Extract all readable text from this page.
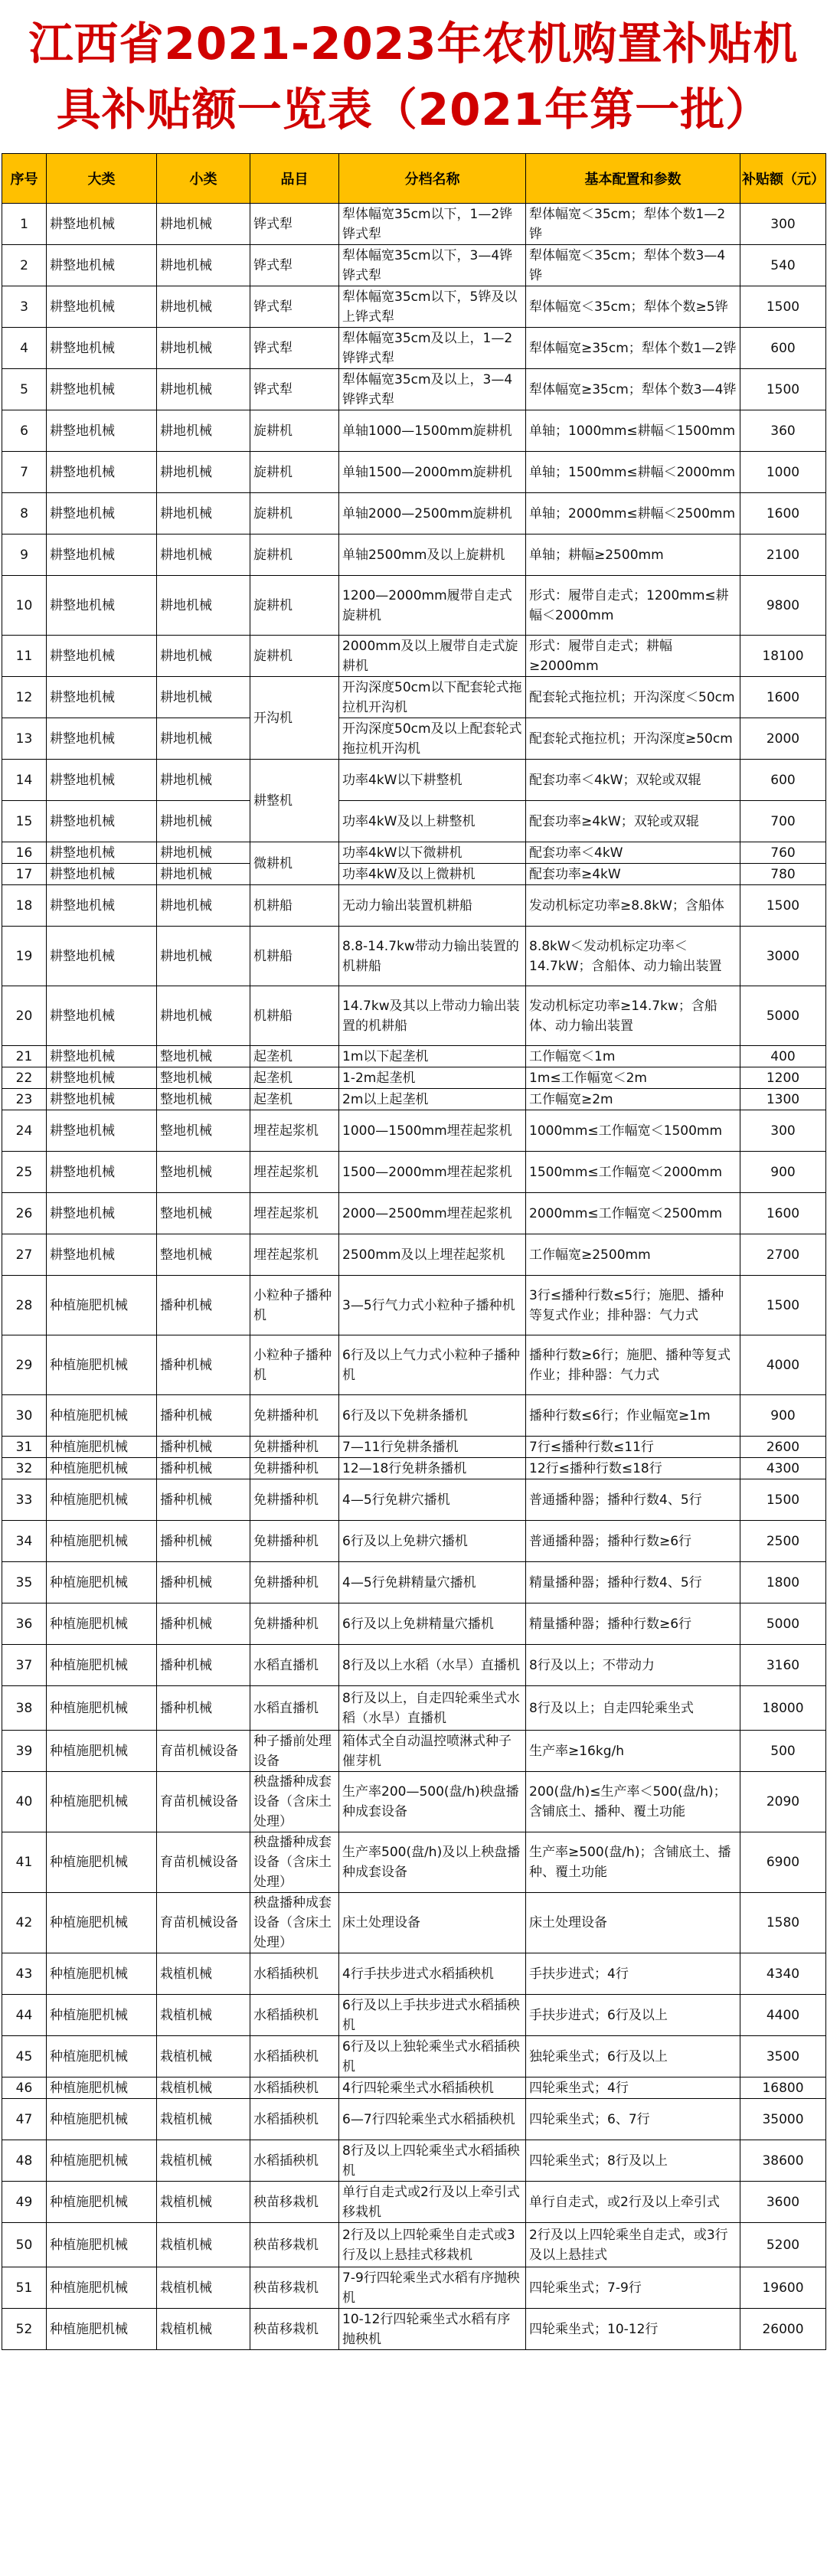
江西省2021-2023年农机购置补贴机
具补贴额一览表（2021年第一批）
序号	大类	小类	品目	分档名称	基本配置和参数	补贴额（元）
1	耕整地机械	耕地机械	铧式犁	犁体幅宽35cm以下，1—2铧铧式犁	犁体幅宽＜35cm；犁体个数1—2铧	300
2	耕整地机械	耕地机械	铧式犁	犁体幅宽35cm以下，3—4铧铧式犁	犁体幅宽＜35cm；犁体个数3—4铧	540
3	耕整地机械	耕地机械	铧式犁	犁体幅宽35cm以下，5铧及以上铧式犁	犁体幅宽＜35cm；犁体个数≥5铧	1500
4	耕整地机械	耕地机械	铧式犁	犁体幅宽35cm及以上，1—2铧铧式犁	犁体幅宽≥35cm；犁体个数1—2铧	600
5	耕整地机械	耕地机械	铧式犁	犁体幅宽35cm及以上，3—4铧铧式犁	犁体幅宽≥35cm；犁体个数3—4铧	1500
6	耕整地机械	耕地机械	旋耕机	单轴1000—1500mm旋耕机	单轴；1000mm≤耕幅＜1500mm	360
7	耕整地机械	耕地机械	旋耕机	单轴1500—2000mm旋耕机	单轴；1500mm≤耕幅＜2000mm	1000
8	耕整地机械	耕地机械	旋耕机	单轴2000—2500mm旋耕机	单轴；2000mm≤耕幅＜2500mm	1600
9	耕整地机械	耕地机械	旋耕机	单轴2500mm及以上旋耕机	单轴；耕幅≥2500mm	2100
10	耕整地机械	耕地机械	旋耕机	1200—2000mm履带自走式旋耕机	形式：履带自走式；1200mm≤耕幅＜2000mm	9800
11	耕整地机械	耕地机械	旋耕机	2000mm及以上履带自走式旋耕机	形式：履带自走式；耕幅≥2000mm	18100
12	耕整地机械	耕地机械	开沟机	开沟深度50cm以下配套轮式拖拉机开沟机	配套轮式拖拉机；开沟深度＜50cm	1600
13	耕整地机械	耕地机械		开沟深度50cm及以上配套轮式拖拉机开沟机	配套轮式拖拉机；开沟深度≥50cm	2000
14	耕整地机械	耕地机械	耕整机	功率4kW以下耕整机	配套功率＜4kW；双轮或双辊	600
15	耕整地机械	耕地机械		功率4kW及以上耕整机	配套功率≥4kW；双轮或双辊	700
16	耕整地机械	耕地机械	微耕机	功率4kW以下微耕机	配套功率＜4kW	760
17	耕整地机械	耕地机械		功率4kW及以上微耕机	配套功率≥4kW	780
18	耕整地机械	耕地机械	机耕船	无动力输出装置机耕船	发动机标定功率≥8.8kW；含船体	1500
19	耕整地机械	耕地机械	机耕船	8.8-14.7kw带动力输出装置的机耕船	8.8kW＜发动机标定功率＜14.7kW；含船体、动力输出装置	3000
20	耕整地机械	耕地机械	机耕船	14.7kw及其以上带动力输出装置的机耕船	发动机标定功率≥14.7kw；含船体、动力输出装置	5000
21	耕整地机械	整地机械	起垄机	1m以下起垄机	工作幅宽＜1m	400
22	耕整地机械	整地机械	起垄机	1-2m起垄机	1m≤工作幅宽＜2m	1200
23	耕整地机械	整地机械	起垄机	2m以上起垄机	工作幅宽≥2m	1300
24	耕整地机械	整地机械	埋茬起浆机	1000—1500mm埋茬起浆机	1000mm≤工作幅宽＜1500mm	300
25	耕整地机械	整地机械	埋茬起浆机	1500—2000mm埋茬起浆机	1500mm≤工作幅宽＜2000mm	900
26	耕整地机械	整地机械	埋茬起浆机	2000—2500mm埋茬起浆机	2000mm≤工作幅宽＜2500mm	1600
27	耕整地机械	整地机械	埋茬起浆机	2500mm及以上埋茬起浆机	工作幅宽≥2500mm	2700
28	种植施肥机械	播种机械	小粒种子播种机	3—5行气力式小粒种子播种机	3行≤播种行数≤5行；施肥、播种等复式作业；排种器：气力式	1500
29	种植施肥机械	播种机械	小粒种子播种机	6行及以上气力式小粒种子播种机	播种行数≥6行；施肥、播种等复式作业；排种器：气力式	4000
30	种植施肥机械	播种机械	免耕播种机	6行及以下免耕条播机	播种行数≤6行；作业幅宽≥1m	900
31	种植施肥机械	播种机械	免耕播种机	7—11行免耕条播机	7行≤播种行数≤11行	2600
32	种植施肥机械	播种机械	免耕播种机	12—18行免耕条播机	12行≤播种行数≤18行	4300
33	种植施肥机械	播种机械	免耕播种机	4—5行免耕穴播机	普通播种器；播种行数4、5行	1500
34	种植施肥机械	播种机械	免耕播种机	6行及以上免耕穴播机	普通播种器；播种行数≥6行	2500
35	种植施肥机械	播种机械	免耕播种机	4—5行免耕精量穴播机	精量播种器；播种行数4、5行	1800
36	种植施肥机械	播种机械	免耕播种机	6行及以上免耕精量穴播机	精量播种器；播种行数≥6行	5000
37	种植施肥机械	播种机械	水稻直播机	8行及以上水稻（水旱）直播机	8行及以上；不带动力	3160
38	种植施肥机械	播种机械	水稻直播机	8行及以上，自走四轮乘坐式水稻（水旱）直播机	8行及以上；自走四轮乘坐式	18000
39	种植施肥机械	育苗机械设备	种子播前处理设备	箱体式全自动温控喷淋式种子催芽机	生产率≥16kg/h	500
40	种植施肥机械	育苗机械设备	秧盘播种成套设备（含床土处理）	生产率200—500(盘/h)秧盘播种成套设备	200(盘/h)≤生产率＜500(盘/h)；含铺底土、播种、覆土功能	2090
41	种植施肥机械	育苗机械设备	秧盘播种成套设备（含床土处理）	生产率500(盘/h)及以上秧盘播种成套设备	生产率≥500(盘/h)；含铺底土、播种、覆土功能	6900
42	种植施肥机械	育苗机械设备	秧盘播种成套设备（含床土处理）	床土处理设备	床土处理设备	1580
43	种植施肥机械	栽植机械	水稻插秧机	4行手扶步进式水稻插秧机	手扶步进式；4行	4340
44	种植施肥机械	栽植机械	水稻插秧机	6行及以上手扶步进式水稻插秧机	手扶步进式；6行及以上	4400
45	种植施肥机械	栽植机械	水稻插秧机	6行及以上独轮乘坐式水稻插秧机	独轮乘坐式；6行及以上	3500
46	种植施肥机械	栽植机械	水稻插秧机	4行四轮乘坐式水稻插秧机	四轮乘坐式；4行	16800
47	种植施肥机械	栽植机械	水稻插秧机	6—7行四轮乘坐式水稻插秧机	四轮乘坐式；6、7行	35000
48	种植施肥机械	栽植机械	水稻插秧机	8行及以上四轮乘坐式水稻插秧机	四轮乘坐式；8行及以上	38600
49	种植施肥机械	栽植机械	秧苗移栽机	单行自走式或2行及以上牵引式移栽机	单行自走式，或2行及以上牵引式	3600
50	种植施肥机械	栽植机械	秧苗移栽机	2行及以上四轮乘坐自走式或3行及以上悬挂式移栽机	2行及以上四轮乘坐自走式，或3行及以上悬挂式	5200
51	种植施肥机械	栽植机械	秧苗移栽机	7-9行四轮乘坐式水稻有序抛秧机	四轮乘坐式；7-9行	19600
52	种植施肥机械	栽植机械	秧苗移栽机	10-12行四轮乘坐式水稻有序抛秧机	四轮乘坐式；10-12行	26000
